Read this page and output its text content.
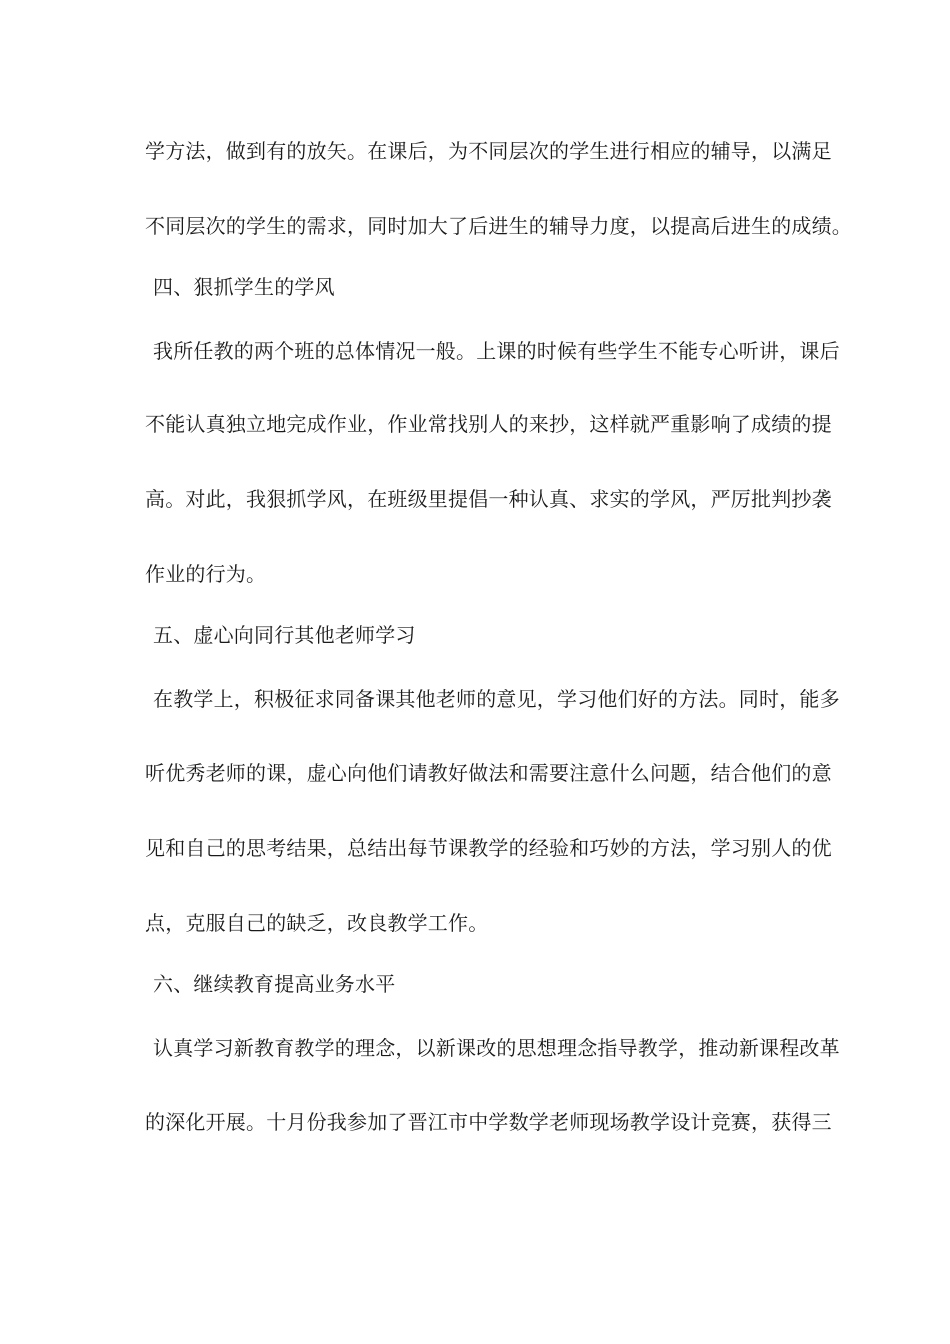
学方法，做到有的放矢。在课后，为不同层次的学生进行相应的辅导，以满足
不同层次的学生的需求，同时加大了后进生的辅导力度，以提高后进生的成绩。
四、狠抓学生的学风
我所任教的两个班的总体情况一般。上课的时候有些学生不能专心听讲，课后
不能认真独立地完成作业，作业常找别人的来抄，这样就严重影响了成绩的提
高。对此，我狠抓学风，在班级里提倡一种认真、求实的学风，严厉批判抄袭
作业的行为。
五、虚心向同行其他老师学习
在教学上，积极征求同备课其他老师的意见，学习他们好的方法。同时，能多
听优秀老师的课，虚心向他们请教好做法和需要注意什么问题，结合他们的意
见和自己的思考结果，总结出每节课教学的经验和巧妙的方法，学习别人的优
点，克服自己的缺乏，改良教学工作。
六、继续教育提高业务水平
认真学习新教育教学的理念，以新课改的思想理念指导教学，推动新课程改革
的深化开展。十月份我参加了晋江市中学数学老师现场教学设计竞赛，获得三
